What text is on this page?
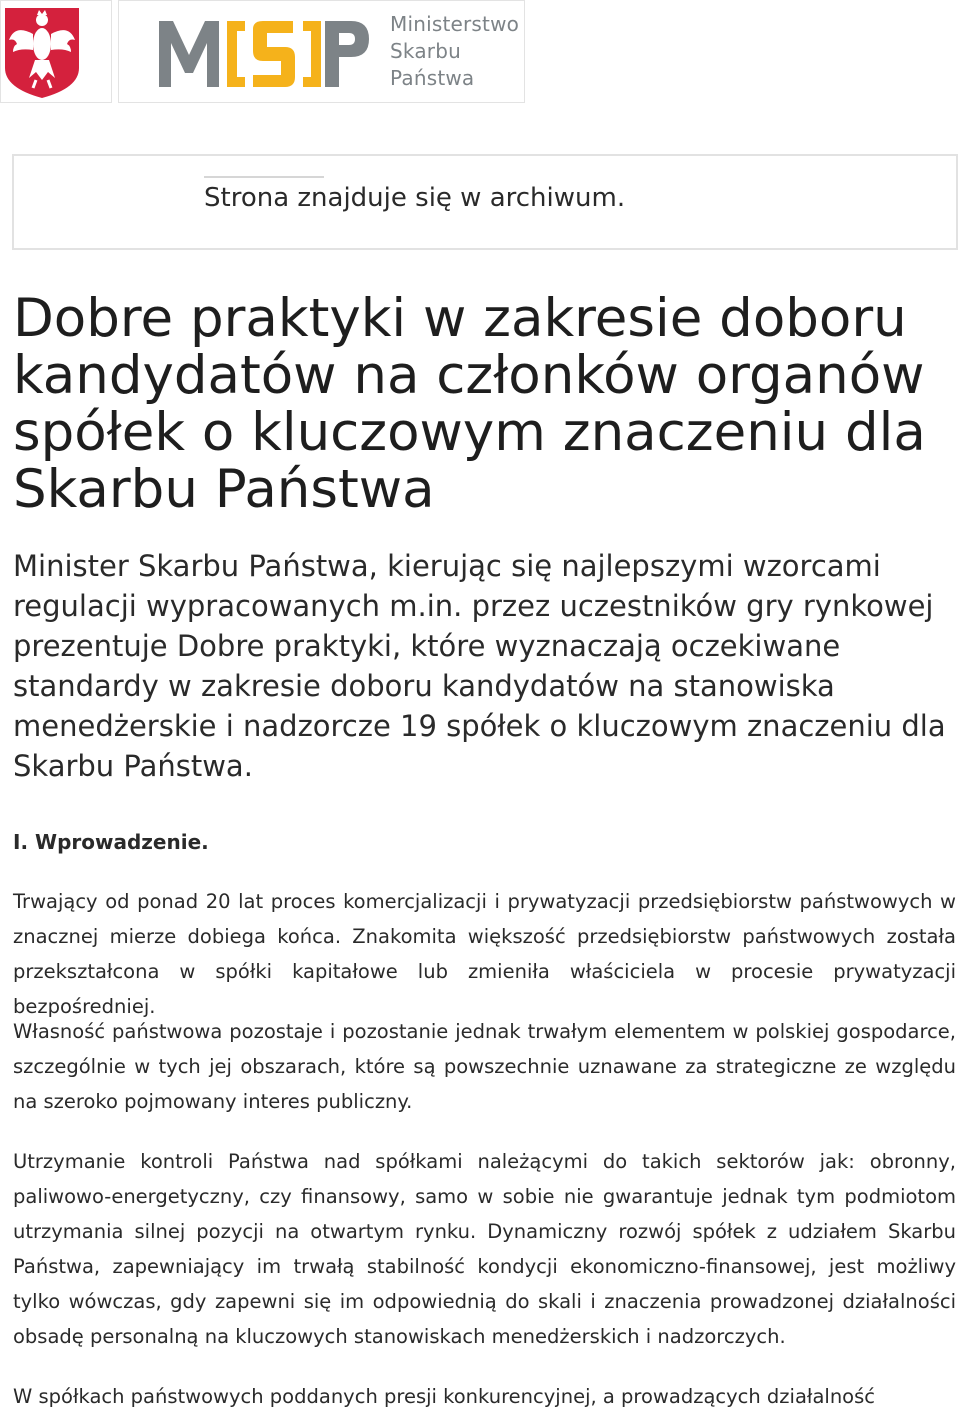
Ministerstwo
Skarbu
Państwa
Strona znajduje się w archiwum.
Dobre praktyki w zakresie doboru kandydatów na członków organów spółek o kluczowym znaczeniu dla Skarbu Państwa

Minister Skarbu Państwa, kierując się najlepszymi wzorcami regulacji wypracowanych m.in. przez uczestników gry rynkowej prezentuje Dobre praktyki, które wyznaczają oczekiwane standardy w zakresie doboru kandydatów na stanowiska menedżerskie i nadzorcze 19 spółek o kluczowym znaczeniu dla Skarbu Państwa.

I. Wprowadzenie.

Trwający od ponad 20 lat proces komercjalizacji i prywatyzacji przedsiębiorstw państwowych w znacznej mierze dobiega końca. Znakomita większość przedsiębiorstw państwowych została przekształcona w spółki kapitałowe lub zmieniła właściciela w procesie prywatyzacji bezpośredniej.

Własność państwowa pozostaje i pozostanie jednak trwałym elementem w polskiej gospodarce, szczególnie w tych jej obszarach, które są powszechnie uznawane za strategiczne ze względu na szeroko pojmowany interes publiczny.

Utrzymanie kontroli Państwa nad spółkami należącymi do takich sektorów jak: obronny, paliwowo-energetyczny, czy finansowy, samo w sobie nie gwarantuje jednak tym podmiotom utrzymania silnej pozycji na otwartym rynku. Dynamiczny rozwój spółek z udziałem Skarbu Państwa, zapewniający im trwałą stabilność kondycji ekonomiczno-finansowej, jest możliwy tylko wówczas, gdy zapewni się im odpowiednią do skali i znaczenia prowadzonej działalności obsadę personalną na kluczowych stanowiskach menedżerskich i nadzorczych.

W spółkach państwowych poddanych presji konkurencyjnej, a prowadzących działalność
